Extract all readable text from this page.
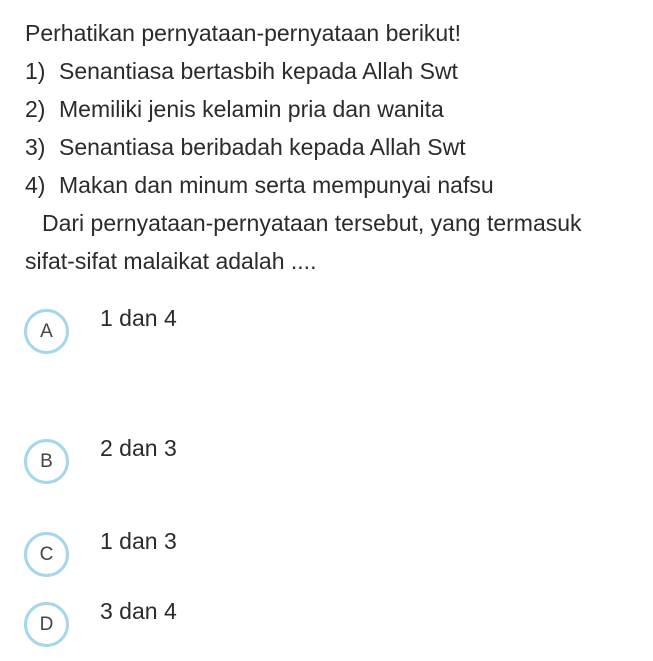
Perhatikan pernyataan-pernyataan berikut!
1) Senantiasa bertasbih kepada Allah Swt
2) Memiliki jenis kelamin pria dan wanita
3) Senantiasa beribadah kepada Allah Swt
4) Makan dan minum serta mempunyai nafsu
Dari pernyataan-pernyataan tersebut, yang termasuk
sifat-sifat malaikat adalah ....
A	1 dan 4
B	2 dan 3
C	1 dan 3
D	3 dan 4
